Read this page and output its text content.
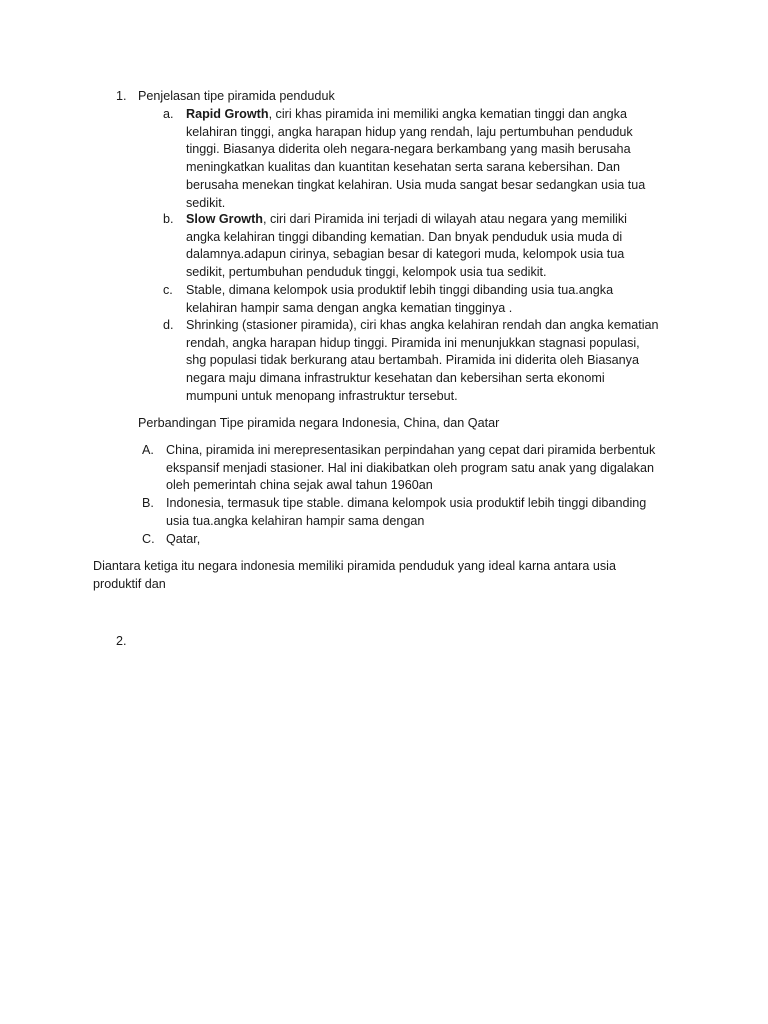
1. Penjelasan tipe piramida penduduk
a. Rapid Growth, ciri khas piramida ini memiliki angka kematian tinggi dan angka
kelahiran tinggi, angka harapan hidup yang rendah, laju pertumbuhan penduduk
tinggi. Biasanya diderita oleh negara-negara berkambang yang masih berusaha
meningkatkan kualitas dan kuantitan kesehatan serta sarana kebersihan. Dan
berusaha menekan tingkat kelahiran. Usia muda sangat besar sedangkan usia tua
sedikit.
b. Slow Growth, ciri dari Piramida ini terjadi di wilayah atau negara yang memiliki
angka kelahiran tinggi dibanding kematian. Dan bnyak penduduk usia muda di
dalamnya.adapun cirinya, sebagian besar di kategori muda, kelompok usia tua
sedikit, pertumbuhan penduduk tinggi, kelompok usia tua sedikit.
c. Stable, dimana kelompok usia produktif lebih tinggi dibanding usia tua.angka
kelahiran hampir sama dengan angka kematian tingginya .
d. Shrinking (stasioner piramida), ciri khas angka kelahiran rendah dan angka kematian
rendah, angka harapan hidup tinggi. Piramida ini menunjukkan stagnasi populasi,
shg populasi tidak berkurang atau bertambah. Piramida ini diderita oleh Biasanya
negara maju dimana infrastruktur kesehatan dan kebersihan serta ekonomi
mumpuni untuk menopang infrastruktur tersebut.
Perbandingan Tipe piramida negara Indonesia, China, dan Qatar
A. China, piramida ini merepresentasikan perpindahan yang cepat dari piramida berbentuk
ekspansif menjadi stasioner. Hal ini diakibatkan oleh program satu anak yang digalakan
oleh pemerintah china sejak awal tahun 1960an
B. Indonesia, termasuk tipe stable. dimana kelompok usia produktif lebih tinggi dibanding
usia tua.angka kelahiran hampir sama dengan
C. Qatar,
Diantara ketiga itu negara indonesia memiliki piramida penduduk yang ideal karna antara usia
produktif dan
2.
